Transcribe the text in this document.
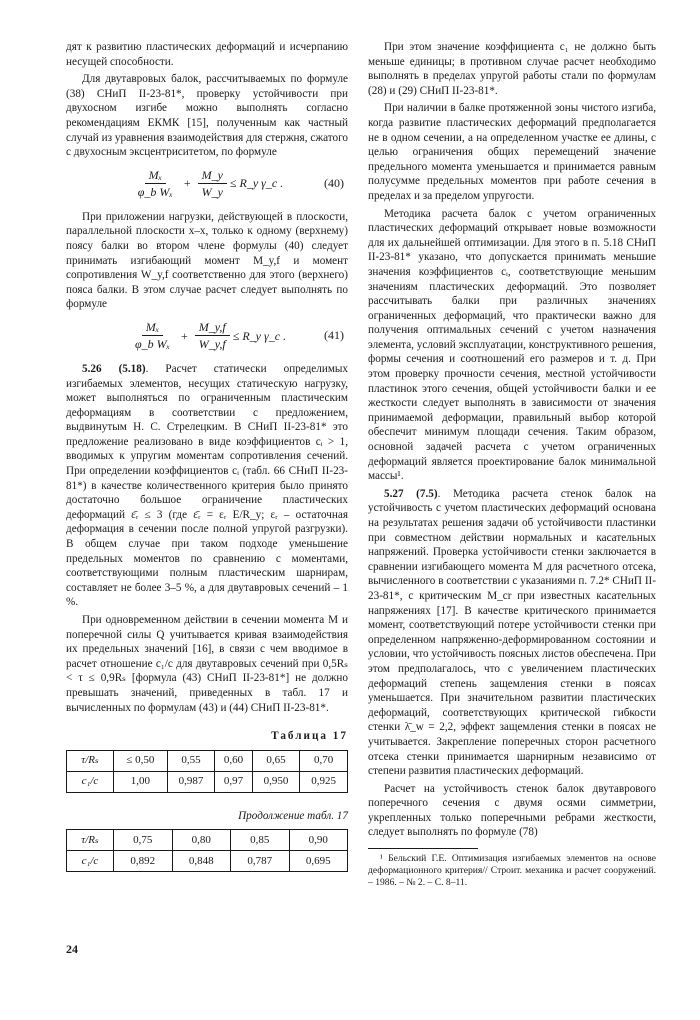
дят к развитию пластических деформаций и исчерпанию несущей способности.

Для двутавровых балок, рассчитываемых по формуле (38) СНиП II-23-81*, проверку устойчивости при двухосном изгибе можно выполнять согласно рекомендациям ЕКМК [15], полученным как частный случай из уравнения взаимодействия для стержня, сжатого с двухосным эксцентриситетом, по формуле

$\frac{\text{Mₓ}}{\text{φ\_b Wₓ}} + \frac{M\_y}{W\_y}$ ≤ R_y γ_c .	(40)

При приложении нагрузки, действующей в плоскости, параллельной плоскости x–x, только к одному (верхнему) поясу балки во втором члене формулы (40) следует принимать изгибающий момент M_y,f и момент сопротивления W_y,f соответственно для этого (верхнего) пояса балки. В этом случае расчет следует выполнять по формуле

$\frac{\text{Mₓ}}{\text{φ\_b Wₓ}} + \frac{M\_y,f}{W\_y,f}$ ≤ R_y γ_c .	(41)

5.26 (5.18). Расчет статически определимых изгибаемых элементов, несущих статическую нагрузку, может выполняться по ограниченным пластическим деформациям в соответствии с предложением, выдвинутым Н. С. Стрелецким. В СНиП II-23-81* это предложение реализовано в виде коэффициентов cᵢ > 1, вводимых к упругим моментам сопротивления сечений. При определении коэффициентов cᵢ (табл. 66 СНиП II-23-81*) в качестве количественного критерия было принято достаточно большое ограничение пластических деформаций ε̄ᵣ ≤ 3 (где ε̄ᵣ = εᵣ E/R_y; εᵣ – остаточная деформация в сечении после полной упругой разгрузки). В общем случае при таком подходе уменьшение предельных моментов по сравнению с моментами, соответствующими полным пластическим шарнирам, составляет не более 3–5 %, а для двутавровых сечений – 1 %.

При одновременном действии в сечении момента M и поперечной силы Q учитывается кривая взаимодействия их предельных значений [16], в связи с чем вводимое в расчет отношение c₁/c для двутавровых сечений при 0,5Rₛ < τ ≤ 0,9Rₛ [формула (43) СНиП II-23-81*] не должно превышать значений, приведенных в табл. 17 и вычисленных по формулам (43) и (44) СНиП II-23-81*.

Таблица 17
τ/Rₛ	≤ 0,50	0,55	0,60	0,65	0,70
c₁/c	1,00	0,987	0,97	0,950	0,925
Продолжение табл. 17
τ/Rₛ	0,75	0,80	0,85	0,90
c₁/c	0,892	0,848	0,787	0,695

При этом значение коэффициента c₁ не должно быть меньше единицы; в противном случае расчет необходимо выполнять в пределах упругой работы стали по формулам (28) и (29) СНиП II-23-81*.

При наличии в балке протяженной зоны чистого изгиба, когда развитие пластических деформаций предполагается не в одном сечении, а на определенном участке ее длины, с целью ограничения общих перемещений значение предельного момента уменьшается и принимается равным полусумме предельных моментов при работе сечения в пределах и за пределом упругости.

Методика расчета балок с учетом ограниченных пластических деформаций открывает новые возможности для их дальнейшей оптимизации. Для этого в п. 5.18 СНиП II-23-81* указано, что допускается принимать меньшие значения коэффициентов cᵢ, соответствующие меньшим значениям пластических деформаций. Это позволяет рассчитывать балки при различных значениях ограниченных деформаций, что практически важно для получения оптимальных сечений с учетом назначения элемента, условий эксплуатации, конструктивного решения, формы сечения и соотношений его размеров и т. д. При этом проверку прочности сечения, местной устойчивости пластинок этого сечения, общей устойчивости балки и ее жесткости следует выполнять в зависимости от значения принимаемой деформации, правильный выбор которой обеспечит минимум площади сечения. Таким образом, основной задачей расчета с учетом ограниченных деформаций является проектирование балок минимальной массы¹.

5.27 (7.5). Методика расчета стенок балок на устойчивость с учетом пластических деформаций основана на результатах решения задачи об устойчивости пластинки при совместном действии нормальных и касательных напряжений. Проверка устойчивости стенки заключается в сравнении изгибающего момента M для расчетного отсека, вычисленного в соответствии с указаниями п. 7.2* СНиП II-23-81*, с критическим M_cr при известных касательных напряжениях [17]. В качестве критического принимается момент, соответствующий потере устойчивости стенки при определенном напряженно-деформированном состоянии и условии, что устойчивость поясных листов обеспечена. При этом предполагалось, что с увеличением пластических деформаций степень защемления стенки в поясах уменьшается. При значительном развитии пластических деформаций, соответствующих критической гибкости стенки λ̄_w = 2,2, эффект защемления стенки в поясах не учитывается. Закрепление поперечных сторон расчетного отсека стенки принимается шарнирным независимо от степени развития пластических деформаций.

Расчет на устойчивость стенок балок двутаврового поперечного сечения с двумя осями симметрии, укрепленных только поперечными ребрами жесткости, следует выполнять по формуле (78)

¹ Бельский Г.Е. Оптимизация изгибаемых элементов на основе деформационного критерия// Строит. механика и расчет сооружений. – 1986. – № 2. – С. 8–11.

24
